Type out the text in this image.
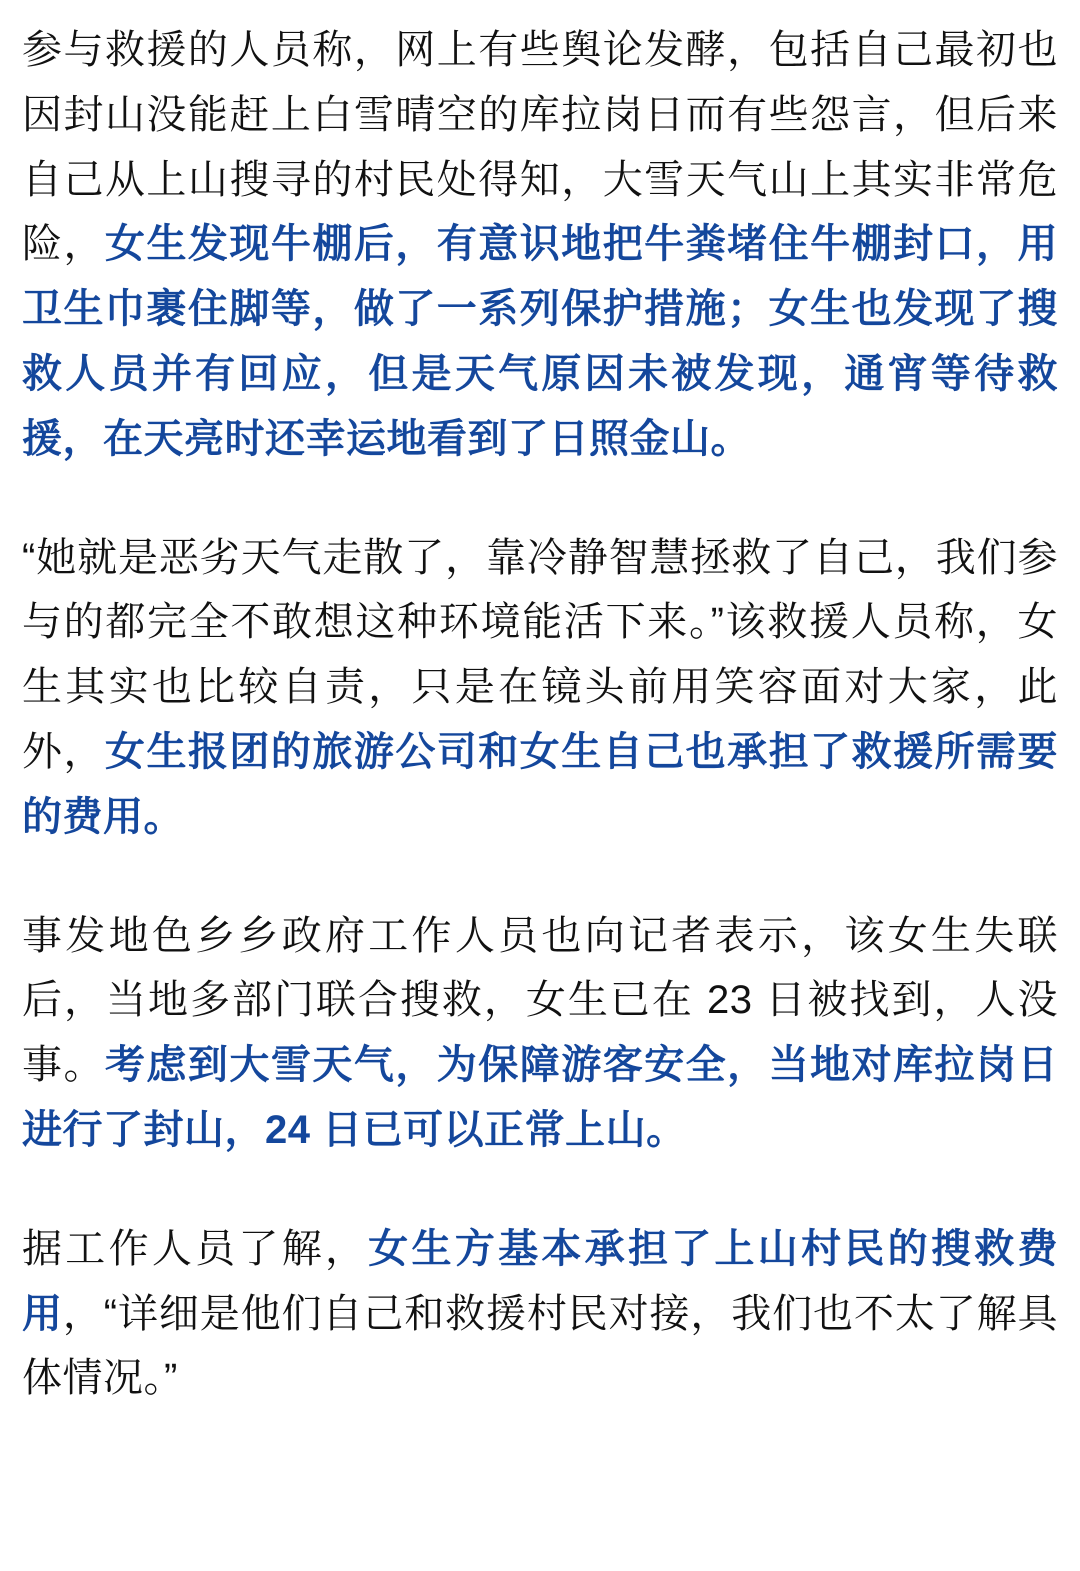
参与救援的人员称，网上有些舆论发酵，包括自己最初也因封山没能赶上白雪晴空的库拉岗日而有些怨言，但后来自己从上山搜寻的村民处得知，大雪天气山上其实非常危险，女生发现牛棚后，有意识地把牛粪堵住牛棚封口，用卫生巾裹住脚等，做了一系列保护措施；女生也发现了搜救人员并有回应，但是天气原因未被发现，通宵等待救援，在天亮时还幸运地看到了日照金山。

“她就是恶劣天气走散了，靠冷静智慧拯救了自己，我们参与的都完全不敢想这种环境能活下来。”该救援人员称，女生其实也比较自责，只是在镜头前用笑容面对大家，此外，女生报团的旅游公司和女生自己也承担了救援所需要的费用。

事发地色乡乡政府工作人员也向记者表示，该女生失联后，当地多部门联合搜救，女生已在 23 日被找到，人没事。考虑到大雪天气，为保障游客安全，当地对库拉岗日进行了封山，24 日已可以正常上山。

据工作人员了解，女生方基本承担了上山村民的搜救费用，“详细是他们自己和救援村民对接，我们也不太了解具体情况。”
